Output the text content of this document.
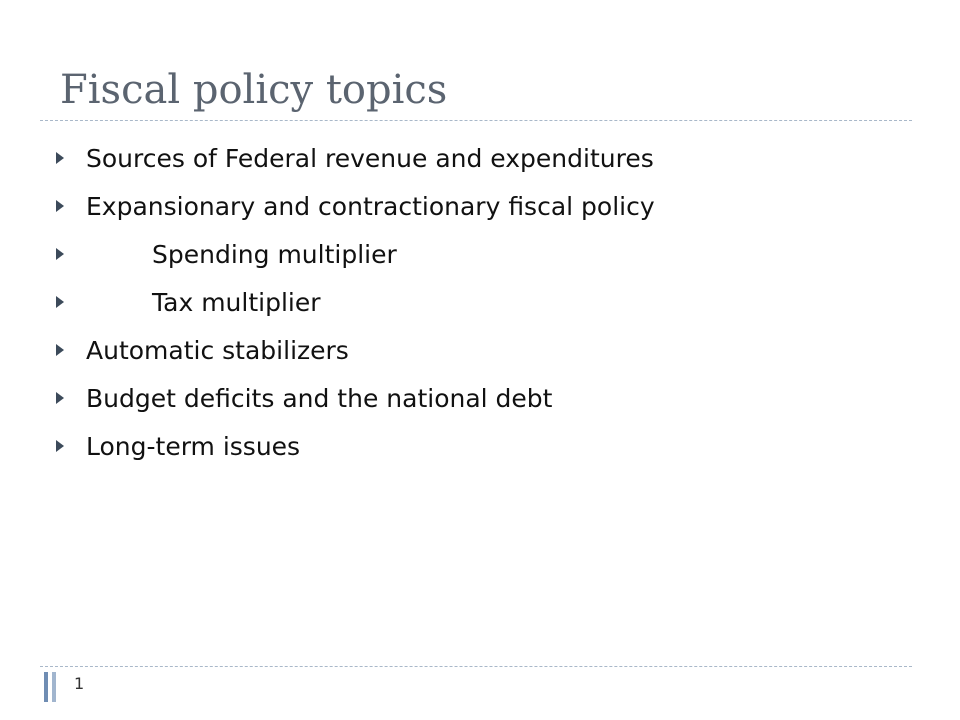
Fiscal policy topics
Sources of Federal revenue and expenditures
Expansionary and contractionary fiscal policy
Spending multiplier
Tax multiplier
Automatic stabilizers
Budget deficits and the national debt
Long-term issues
1
